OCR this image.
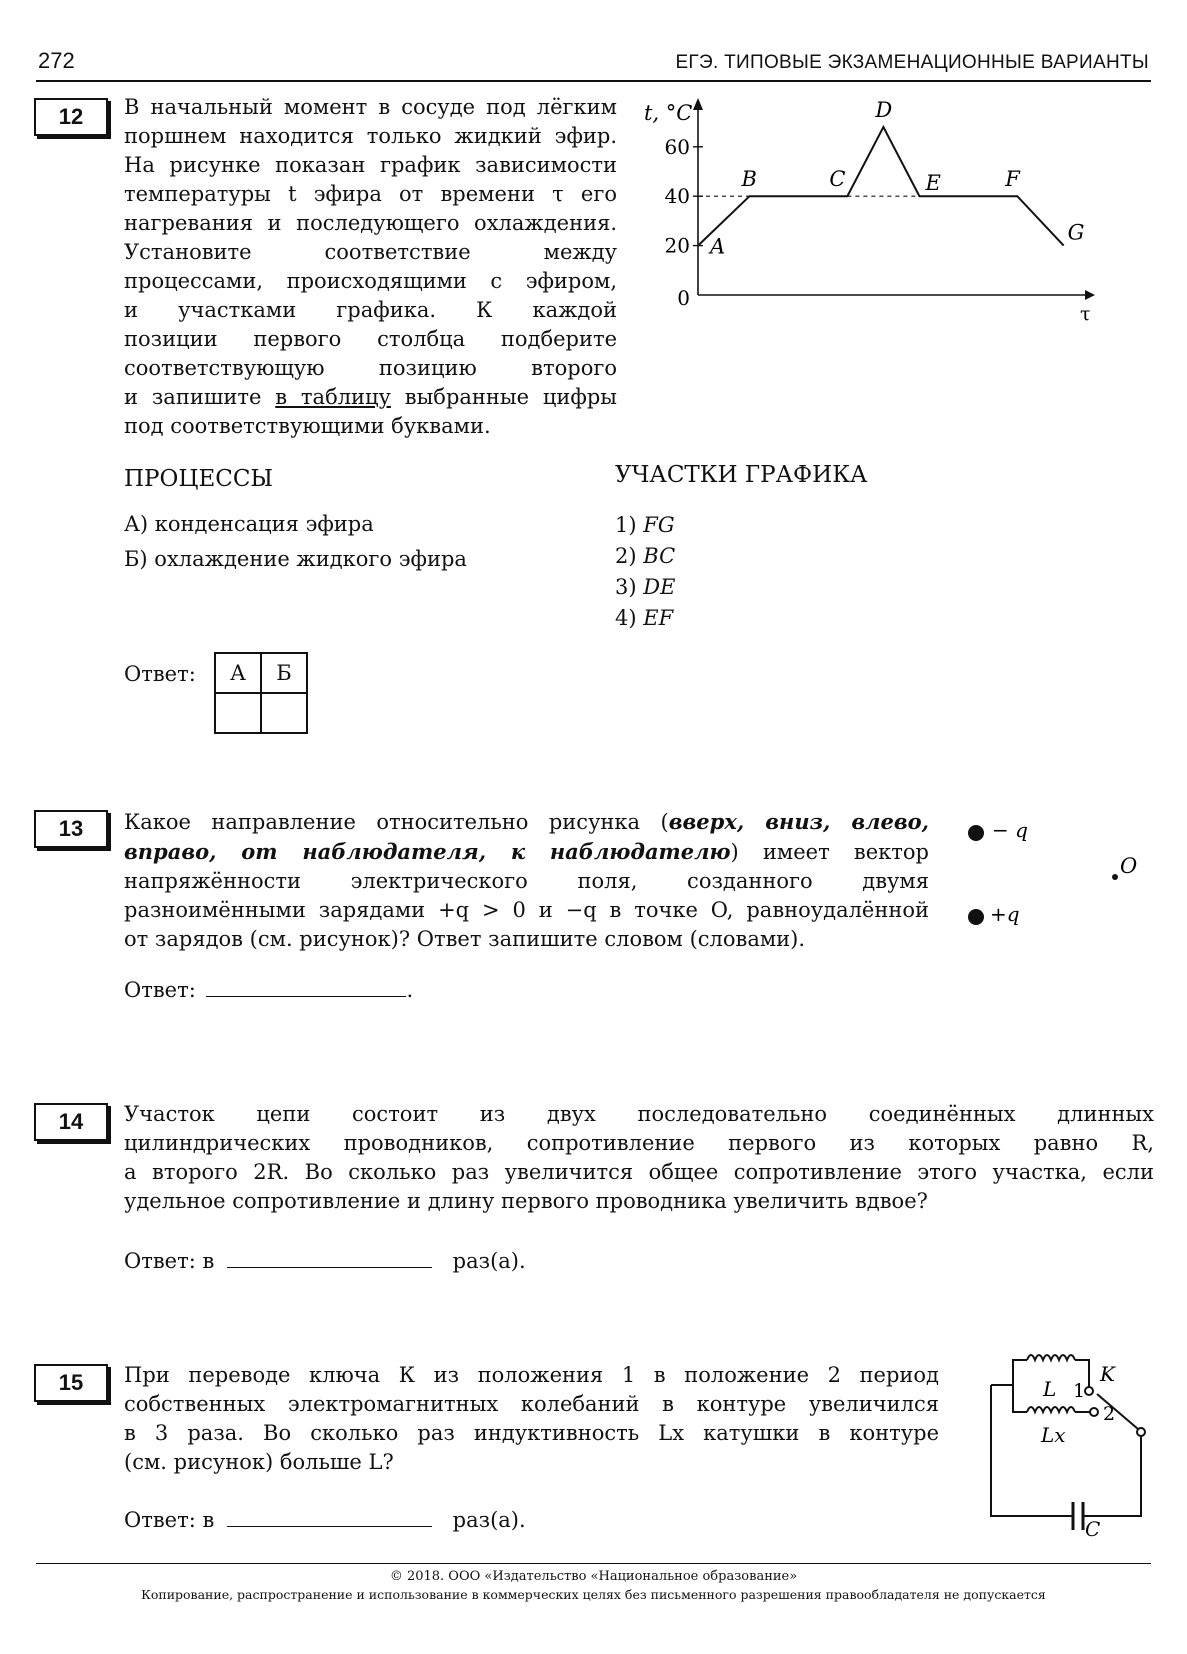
272	ЕГЭ. ТИПОВЫЕ ЭКЗАМЕНАЦИОННЫЕ ВАРИАНТЫ
12	В начальный момент в сосуде под лёгким
поршнем находится только жидкий эфир.
На рисунке показан график зависимости
температуры t эфира от времени τ его
нагревания и последующего охлаждения.
Установите соответствие между
процессами, происходящими с эфиром,
и участками графика. К каждой
позиции первого столбца подберите
соответствующую позицию второго
и запишите в таблицу выбранные цифры
под соответствующими буквами.
t, °C
τ
0
20
40
60
A
B	C
D
E	F
G
ПРОЦЕССЫ	УЧАСТКИ ГРАФИКА
А) конденсация эфира
Б) охлаждение жидкого эфира
1) FG
2) BC
3) DE
4) EF
Ответ: А	Б

13	Какое направление относительно рисунка (вверх, вниз, влево,
вправо, от наблюдателя, к наблюдателю) имеет вектор
напряжённости электрического поля, созданного двумя
разноимёнными зарядами +q > 0 и −q в точке O, равноудалённой
от зарядов (см. рисунок)? Ответ запишите словом (словами).
− q
+q
O
Ответ:	.
14	Участок цепи состоит из двух последовательно соединённых длинных
цилиндрических проводников, сопротивление первого из которых равно R,
а второго 2R. Во сколько раз увеличится общее сопротивление этого участка, если
удельное сопротивление и длину первого проводника увеличить вдвое?
Ответ: в	раз(а).
15	При переводе ключа К из положения 1 в положение 2 период
собственных электромагнитных колебаний в контуре увеличился
в 3 раза. Во сколько раз индуктивность Lx катушки в контуре
(см. рисунок) больше L?
L
K
1
2
Lx
C
Ответ: в	раз(а).
© 2018. ООО «Издательство «Национальное образование»
Копирование, распространение и использование в коммерческих целях без письменного разрешения правообладателя не допускается
